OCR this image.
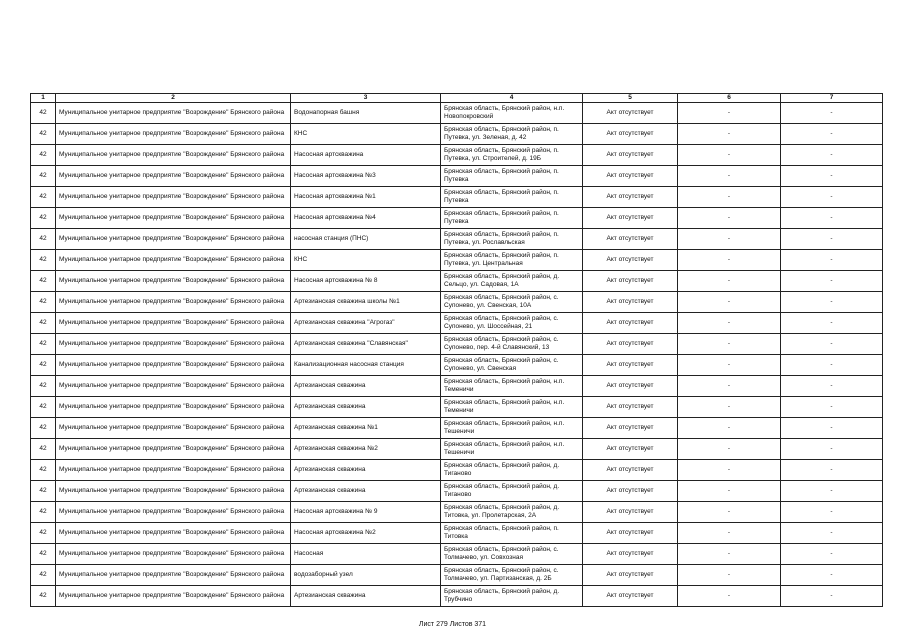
1	2	3	4	5	6	7
42	Муниципальное унитарное предприятие "Возрождение" Брянского района	Водонапорная башня	Брянская область, Брянский район, н.п. Новопокровский	Акт отсутствует	-	-
42	Муниципальное унитарное предприятие "Возрождение" Брянского района	КНС	Брянская область, Брянский район, п. Путевка, ул. Зеленая, д. 42	Акт отсутствует	-	-
42	Муниципальное унитарное предприятие "Возрождение" Брянского района	Насосная артскважина	Брянская область, Брянский район, п. Путевка, ул. Строителей, д. 19Б	Акт отсутствует	-	-
42	Муниципальное унитарное предприятие "Возрождение" Брянского района	Насосная артскважина №3	Брянская область, Брянский район, п. Путевка	Акт отсутствует	-	-
42	Муниципальное унитарное предприятие "Возрождение" Брянского района	Насосная артскважина №1	Брянская область, Брянский район, п. Путевка	Акт отсутствует	-	-
42	Муниципальное унитарное предприятие "Возрождение" Брянского района	Насосная артскважина №4	Брянская область, Брянский район, п. Путевка	Акт отсутствует	-	-
42	Муниципальное унитарное предприятие "Возрождение" Брянского района	насосная станция (ПНС)	Брянская область, Брянский район, п. Путевка, ул. Рославльская	Акт отсутствует	-	-
42	Муниципальное унитарное предприятие "Возрождение" Брянского района	КНС	Брянская область, Брянский район, п. Путевка, ул. Центральная	Акт отсутствует	-	-
42	Муниципальное унитарное предприятие "Возрождение" Брянского района	Насосная артскважина № 8	Брянская область, Брянский район, д. Сельцо, ул. Садовая, 1А	Акт отсутствует	-	-
42	Муниципальное унитарное предприятие "Возрождение" Брянского района	Артезианская скважина школы №1	Брянская область, Брянский район, с. Супонево, ул. Свенская, 10А	Акт отсутствует	-	-
42	Муниципальное унитарное предприятие "Возрождение" Брянского района	Артезианская скважина "Агрогаз"	Брянская область, Брянский район, с. Супонево, ул. Шоссейная, 21	Акт отсутствует	-	-
42	Муниципальное унитарное предприятие "Возрождение" Брянского района	Артезианская скважина "Славянская"	Брянская область, Брянский район, с. Супонево, пер. 4-й Славянский, 13	Акт отсутствует	-	-
42	Муниципальное унитарное предприятие "Возрождение" Брянского района	Канализационная насосная станция	Брянская область, Брянский район, с. Супонево, ул. Свенская	Акт отсутствует	-	-
42	Муниципальное унитарное предприятие "Возрождение" Брянского района	Артезианская скважина	Брянская область, Брянский район, н.п. Теменичи	Акт отсутствует	-	-
42	Муниципальное унитарное предприятие "Возрождение" Брянского района	Артезианская скважина	Брянская область, Брянский район, н.п. Теменичи	Акт отсутствует	-	-
42	Муниципальное унитарное предприятие "Возрождение" Брянского района	Артезианская скважина №1	Брянская область, Брянский район, н.п. Тешеничи	Акт отсутствует	-	-
42	Муниципальное унитарное предприятие "Возрождение" Брянского района	Артезианская скважина №2	Брянская область, Брянский район, н.п. Тешеничи	Акт отсутствует	-	-
42	Муниципальное унитарное предприятие "Возрождение" Брянского района	Артезианская скважина	Брянская область, Брянский район, д. Тиганово	Акт отсутствует	-	-
42	Муниципальное унитарное предприятие "Возрождение" Брянского района	Артезианская скважина	Брянская область, Брянский район, д. Тиганово	Акт отсутствует	-	-
42	Муниципальное унитарное предприятие "Возрождение" Брянского района	Насосная артскважина № 9	Брянская область, Брянский район, д. Титовка, ул. Пролетарская, 2А	Акт отсутствует	-	-
42	Муниципальное унитарное предприятие "Возрождение" Брянского района	Насосная артскважина №2	Брянская область, Брянский район, п. Титовка	Акт отсутствует	-	-
42	Муниципальное унитарное предприятие "Возрождение" Брянского района	Насосная	Брянская область, Брянский район, с. Толмачево, ул. Совхозная	Акт отсутствует	-	-
42	Муниципальное унитарное предприятие "Возрождение" Брянского района	водозаборный узел	Брянская область, Брянский район, с. Толмачево, ул. Партизанская, д. 2Б	Акт отсутствует	-	-
42	Муниципальное унитарное предприятие "Возрождение" Брянского района	Артезианская скважина	Брянская область, Брянский район, д. Трубчино	Акт отсутствует	-	-
Лист 279 Листов 371
